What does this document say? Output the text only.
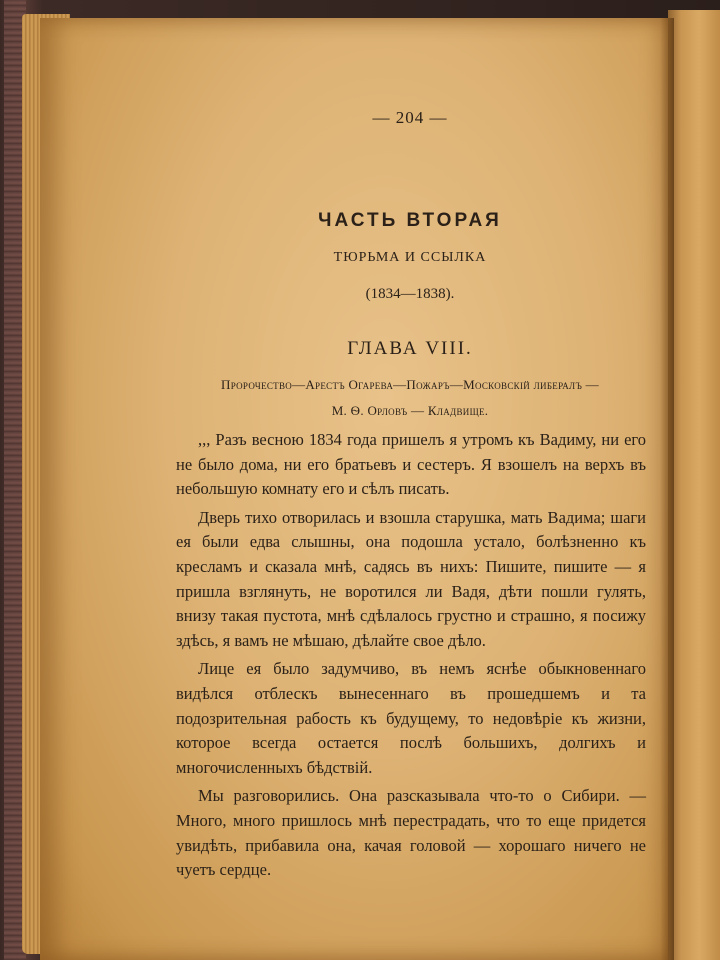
— 204 —
ЧАСТЬ ВТОРАЯ
ТЮРЬМА И ССЫЛКА
(1834—1838).
ГЛАВА VIII.
Пророчество—Арестъ Огарева—Пожаръ—Московскій либералъ —
М. Ѳ. Орловъ — Кладвище.

,,, Разъ весною 1834 года пришелъ я утромъ къ Вадиму, ни его не было дома, ни его братьевъ и сестеръ. Я взошелъ на верхъ въ небольшую комнату его и сѣлъ писать.

Дверь тихо отворилась и взошла старушка, мать Вадима; шаги ея были едва слышны, она подошла устало, болѣзненно къ кресламъ и сказала мнѣ, садясь въ нихъ: Пишите, пишите — я пришла взглянуть, не воротился ли Вадя, дѣти пошли гулять, внизу такая пустота, мнѣ сдѣлалось грустно и страшно, я посижу здѣсь, я вамъ не мѣшаю, дѣлайте свое дѣло.

Лице ея было задумчиво, въ немъ яснѣе обыкновеннаго видѣлся отблескъ вынесеннаго въ прошедшемъ и та подозрительная рабость къ будущему, то недовѣріе къ жизни, которое всегда остается послѣ большихъ, долгихъ и многочисленныхъ бѣдствій.

Мы разговорились. Она разсказывала что-то о Сибири. — Много, много пришлось мнѣ перестрадать, что то еще придется увидѣть, прибавила она, качая головой — хорошаго ничего не чуетъ сердце.
